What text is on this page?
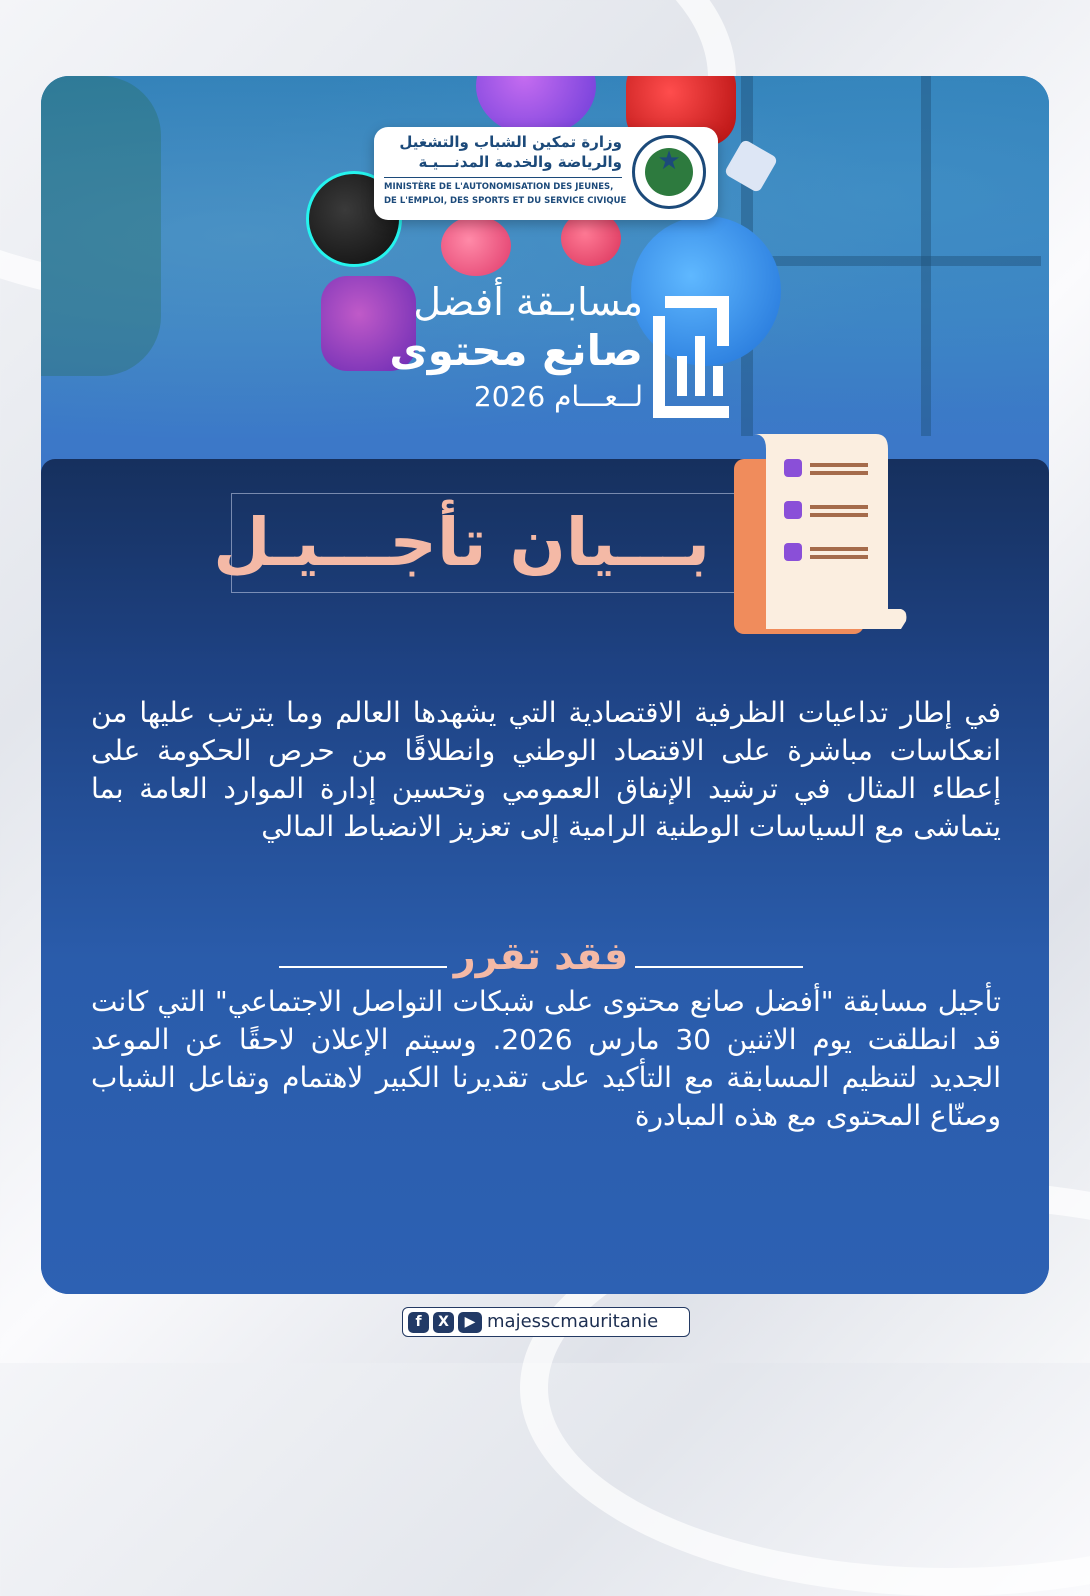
وزارة تمكين الشباب والتشغيل
والرياضة والخدمة المدنـــيـة
MINISTÈRE DE L'AUTONOMISATION DES JEUNES,
DE L'EMPLOI, DES SPORTS ET DU SERVICE CIVIQUE
★
مسابـقة أفضل
صانع محتوى
لــعـــام 2026
بـــيان تأجـــيـل
في إطار تداعيات الظرفية الاقتصادية التي يشهدها العالم وما يترتب عليها من انعكاسات مباشرة على الاقتصاد الوطني وانطلاقًا من حرص الحكومة على إعطاء المثال في ترشيد الإنفاق العمومي وتحسين إدارة الموارد العامة بما يتماشى مع السياسات الوطنية الرامية إلى تعزيز الانضباط المالي
فقد تقرر
تأجيل مسابقة "أفضل صانع محتوى على شبكات التواصل الاجتماعي" التي كانت قد انطلقت يوم الاثنين 30 مارس 2026. وسيتم الإعلان لاحقًا عن الموعد الجديد لتنظيم المسابقة مع التأكيد على تقديرنا الكبير لاهتمام وتفاعل الشباب وصنّاع المحتوى مع هذه المبادرة
f	X	▶ majesscmauritanie
